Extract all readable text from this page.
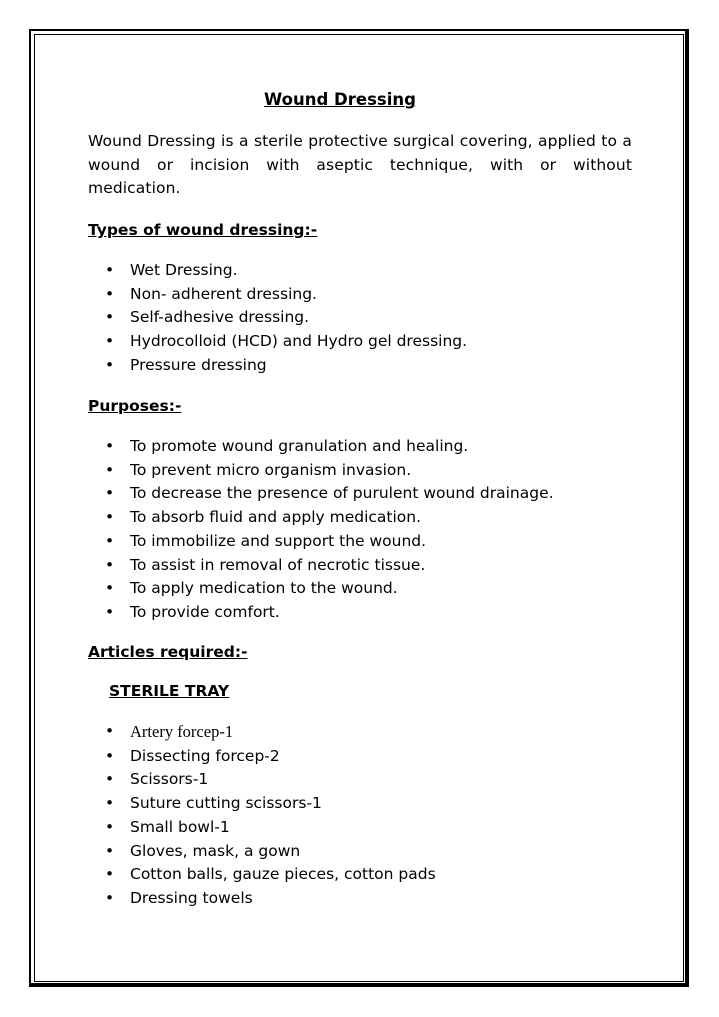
Wound Dressing

Wound Dressing is a sterile protective surgical covering, applied to a wound or incision with aseptic technique, with or without medication.

Types of wound dressing:-
• Wet Dressing.
• Non- adherent dressing.
• Self-adhesive dressing.
• Hydrocolloid (HCD) and Hydro gel dressing.
• Pressure dressing
Purposes:-
• To promote wound granulation and healing.
• To prevent micro organism invasion.
• To decrease the presence of purulent wound drainage.
• To absorb fluid and apply medication.
• To immobilize and support the wound.
• To assist in removal of necrotic tissue.
• To apply medication to the wound.
• To provide comfort.
Articles required:-
STERILE TRAY
• Artery forcep-1
• Dissecting forcep-2
• Scissors-1
• Suture cutting scissors-1
• Small bowl-1
• Gloves, mask, a gown
• Cotton balls, gauze pieces, cotton pads
• Dressing towels
